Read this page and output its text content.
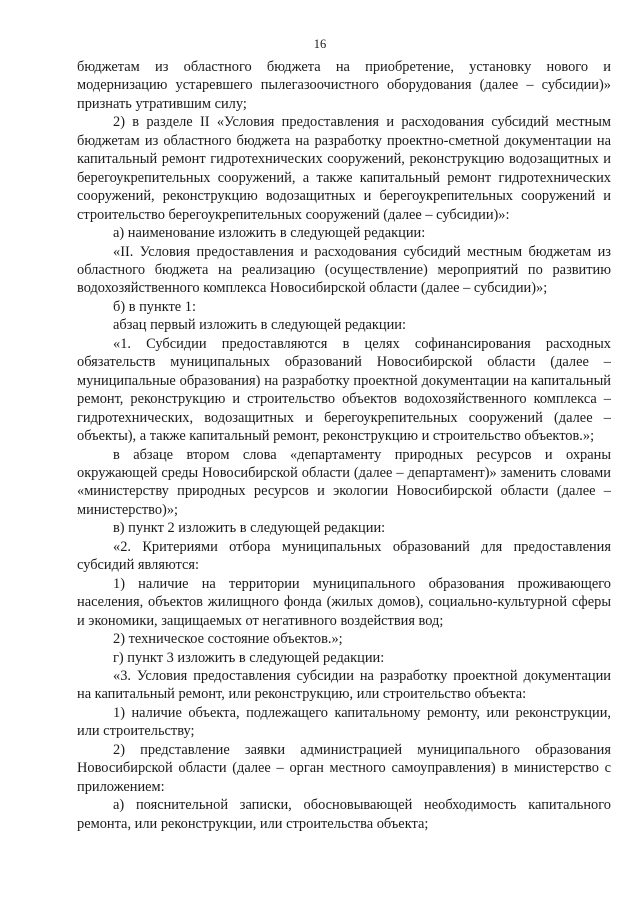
16

бюджетам из областного бюджета на приобретение, установку нового и модернизацию устаревшего пылегазоочистного оборудования (далее – субсидии)» признать утратившим силу;

2) в разделе II «Условия предоставления и расходования субсидий местным бюджетам из областного бюджета на разработку проектно-сметной документации на капитальный ремонт гидротехнических сооружений, реконструкцию водозащитных и берегоукрепительных сооружений, а также капитальный ремонт гидротехнических сооружений, реконструкцию водозащитных и берегоукрепительных сооружений и строительство берегоукрепительных сооружений (далее – субсидии)»:

а) наименование изложить в следующей редакции:

«II. Условия предоставления и расходования субсидий местным бюджетам из областного бюджета на реализацию (осуществление) мероприятий по развитию водохозяйственного комплекса Новосибирской области (далее – субсидии)»;

б) в пункте 1:

абзац первый изложить в следующей редакции:

«1. Субсидии предоставляются в целях софинансирования расходных обязательств муниципальных образований Новосибирской области (далее – муниципальные образования) на разработку проектной документации на капитальный ремонт, реконструкцию и строительство объектов водохозяйственного комплекса – гидротехнических, водозащитных и берегоукрепительных сооружений (далее – объекты), а также капитальный ремонт, реконструкцию и строительство объектов.»;

в абзаце втором слова «департаменту природных ресурсов и охраны окружающей среды Новосибирской области (далее – департамент)» заменить словами «министерству природных ресурсов и экологии Новосибирской области (далее – министерство)»;

в) пункт 2 изложить в следующей редакции:

«2. Критериями отбора муниципальных образований для предоставления субсидий являются:

1) наличие на территории муниципального образования проживающего населения, объектов жилищного фонда (жилых домов), социально-культурной сферы и экономики, защищаемых от негативного воздействия вод;

2) техническое состояние объектов.»;

г) пункт 3 изложить в следующей редакции:

«3. Условия предоставления субсидии на разработку проектной документации на капитальный ремонт, или реконструкцию, или строительство объекта:

1) наличие объекта, подлежащего капитальному ремонту, или реконструкции, или строительству;

2) представление заявки администрацией муниципального образования Новосибирской области (далее – орган местного самоуправления) в министерство с приложением:

а) пояснительной записки, обосновывающей необходимость капитального ремонта, или реконструкции, или строительства объекта;
